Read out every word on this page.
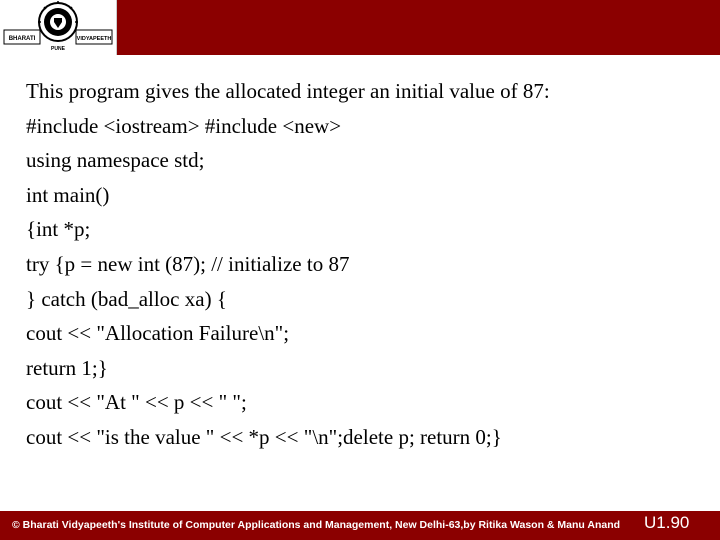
BHARATI	VIDYAPEETH
PUNE
This program gives the allocated integer an initial value of 87:
#include <iostream> #include <new>
using namespace std;
int main()
{int *p;
try {p = new int (87); // initialize to 87
} catch (bad_alloc xa) {
cout << "Allocation Failure\n";
return 1;}
cout << "At " << p << " ";
cout << "is the value " << *p << "\n";delete p; return 0;}
© Bharati Vidyapeeth's Institute of Computer Applications and Management, New Delhi-63,by Ritika Wason & Manu Anand U1.90
